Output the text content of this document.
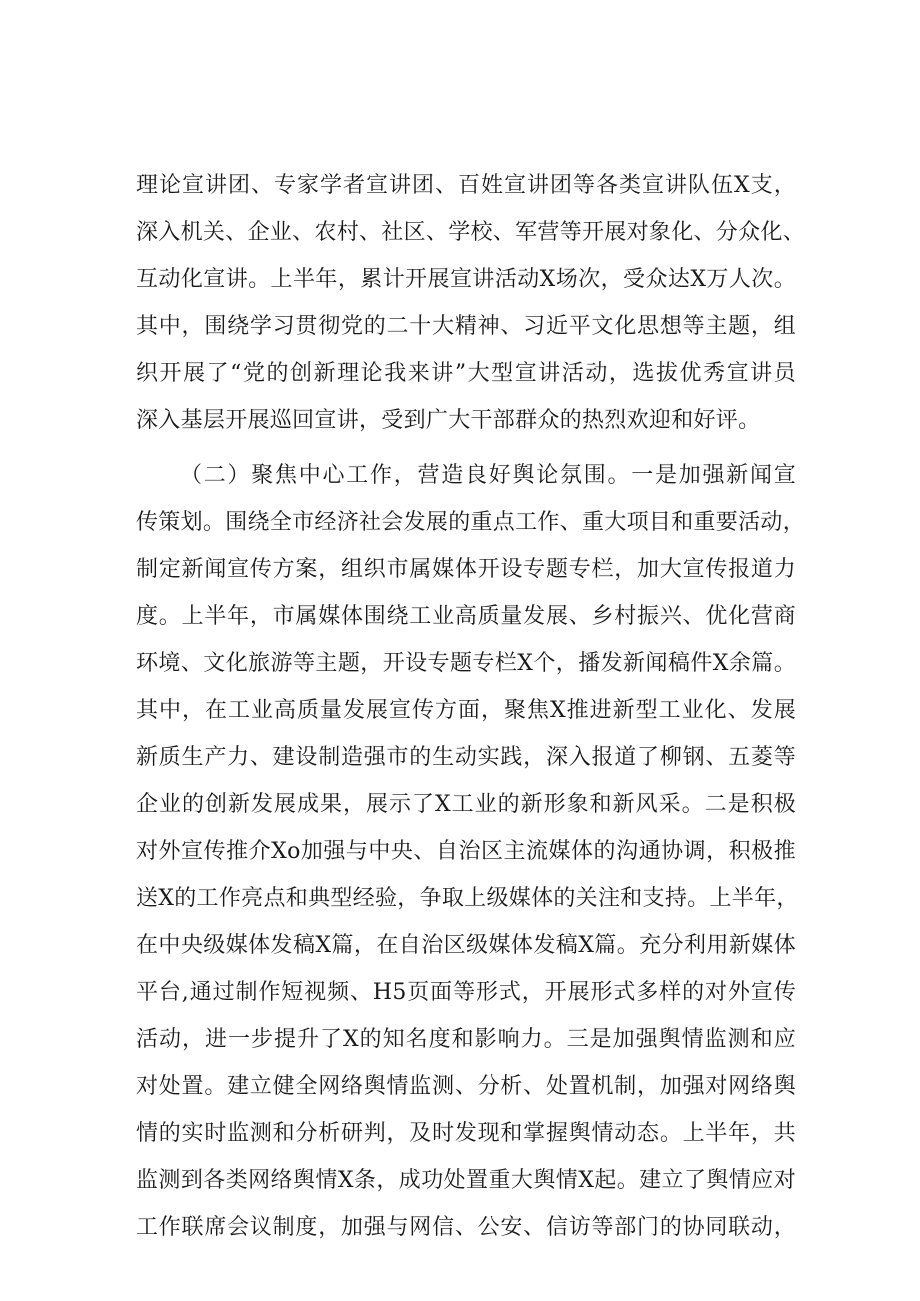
理论宣讲团、专家学者宣讲团、百姓宣讲团等各类宣讲队伍X支，
深入机关、企业、农村、社区、学校、军营等开展对象化、分众化、
互动化宣讲。上半年，累计开展宣讲活动X场次，受众达X万人次。
其中，围绕学习贯彻党的二十大精神、习近平文化思想等主题，组
织开展了“党的创新理论我来讲”大型宣讲活动，选拔优秀宣讲员
深入基层开展巡回宣讲，受到广大干部群众的热烈欢迎和好评。
（二）聚焦中心工作，营造良好舆论氛围。一是加强新闻宣
传策划。围绕全市经济社会发展的重点工作、重大项目和重要活动，
制定新闻宣传方案，组织市属媒体开设专题专栏，加大宣传报道力
度。上半年，市属媒体围绕工业高质量发展、乡村振兴、优化营商
环境、文化旅游等主题，开设专题专栏X个，播发新闻稿件X余篇。
其中，在工业高质量发展宣传方面，聚焦X推进新型工业化、发展
新质生产力、建设制造强市的生动实践，深入报道了柳钢、五菱等
企业的创新发展成果，展示了X工业的新形象和新风采。二是积极
对外宣传推介Xo加强与中央、自治区主流媒体的沟通协调，积极推
送X的工作亮点和典型经验，争取上级媒体的关注和支持。上半年，
在中央级媒体发稿X篇，在自治区级媒体发稿X篇。充分利用新媒体
平台,通过制作短视频、H5页面等形式，开展形式多样的对外宣传
活动，进一步提升了X的知名度和影响力。三是加强舆情监测和应
对处置。建立健全网络舆情监测、分析、处置机制，加强对网络舆
情的实时监测和分析研判，及时发现和掌握舆情动态。上半年，共
监测到各类网络舆情X条，成功处置重大舆情X起。建立了舆情应对
工作联席会议制度，加强与网信、公安、信访等部门的协同联动，
